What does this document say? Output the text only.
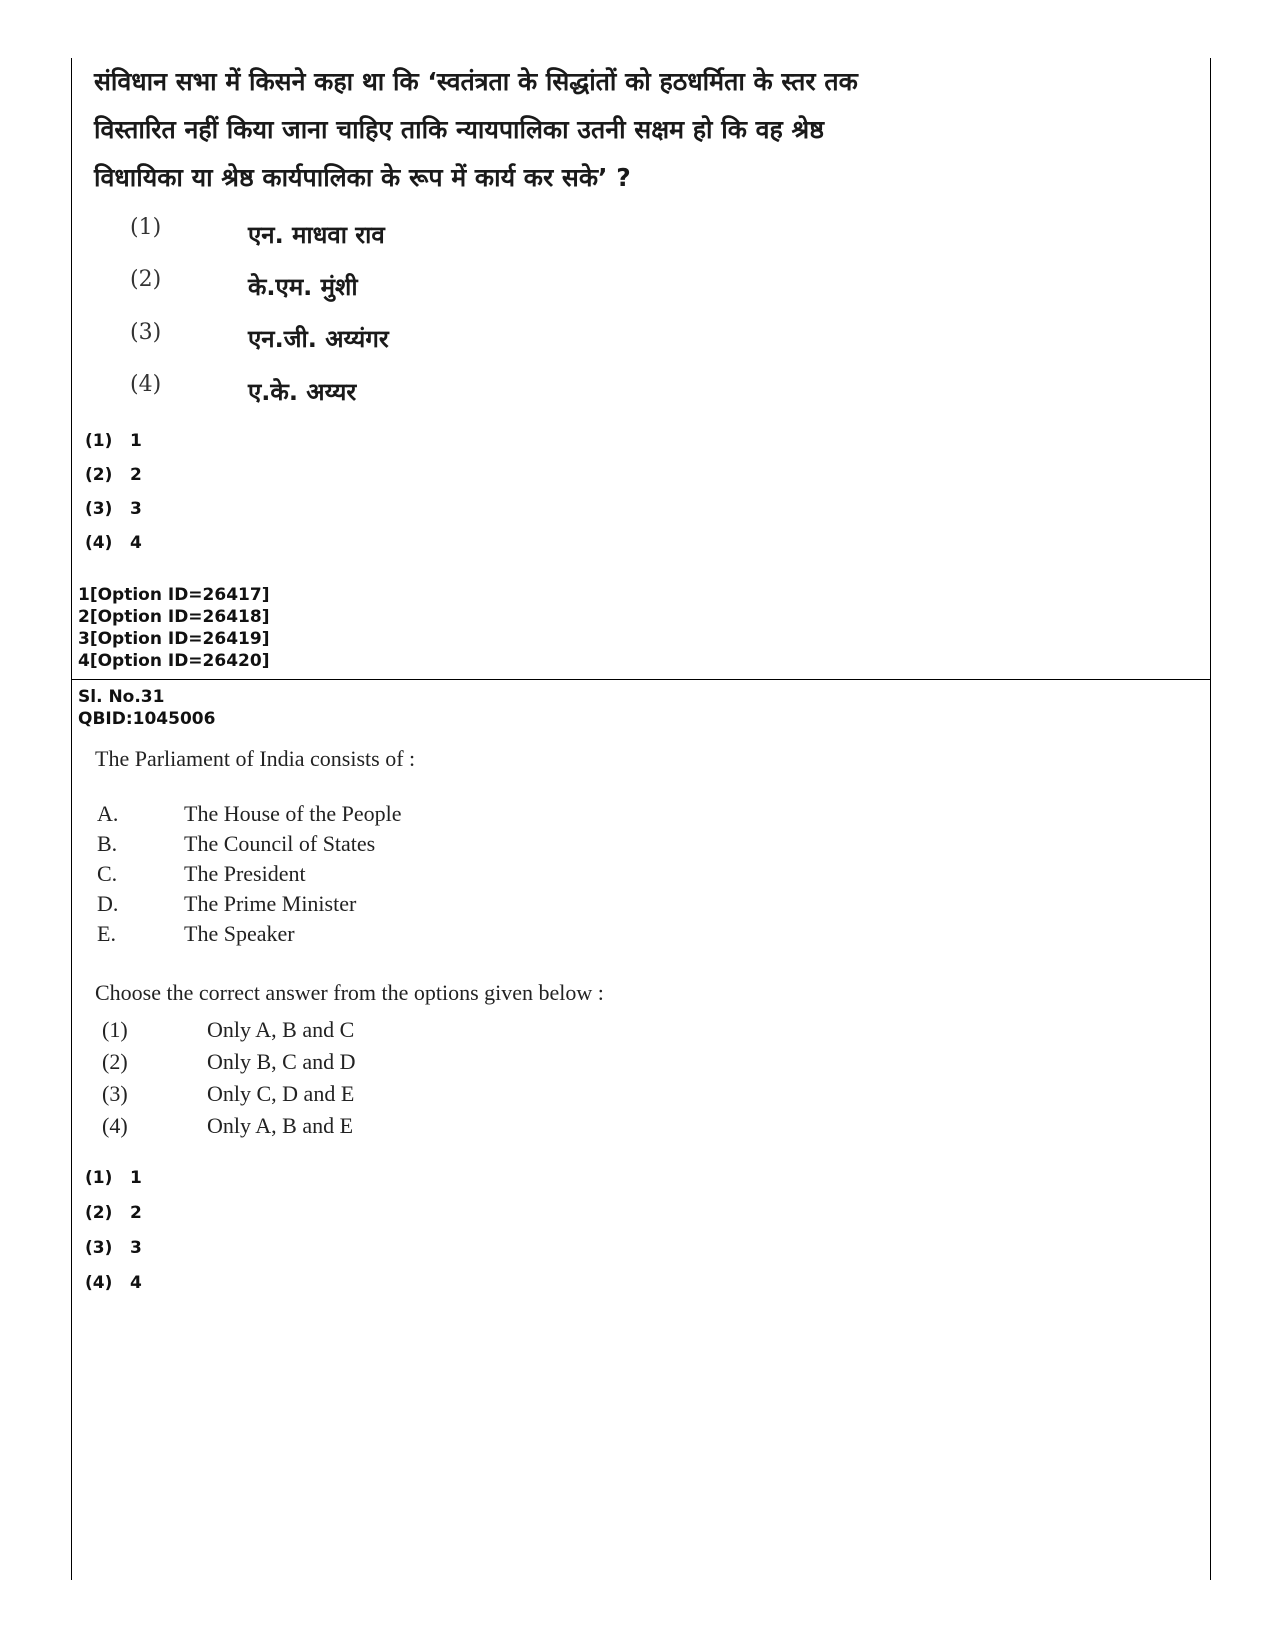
संविधान सभा में किसने कहा था कि ‘स्वतंत्रता के सिद्धांतों को हठधर्मिता के स्तर तक
विस्तारित नहीं किया जाना चाहिए ताकि न्यायपालिका उतनी सक्षम हो कि वह श्रेष्ठ
विधायिका या श्रेष्ठ कार्यपालिका के रूप में कार्य कर सके’ ?
(1)	एन. माधवा राव
(2)	के.एम. मुंशी
(3)	एन.जी. अय्यंगर
(4)	ए.के. अय्यर
(1) 1
(2) 2
(3) 3
(4) 4
1[Option ID=26417]
2[Option ID=26418]
3[Option ID=26419]
4[Option ID=26420]
Sl. No.31
QBID:1045006
The Parliament of India consists of :
A.	The House of the People
B.	The Council of States
C.	The President
D.	The Prime Minister
E.	The Speaker
Choose the correct answer from the options given below :
(1)	Only A, B and C
(2)	Only B, C and D
(3)	Only C, D and E
(4)	Only A, B and E
(1) 1
(2) 2
(3) 3
(4) 4
